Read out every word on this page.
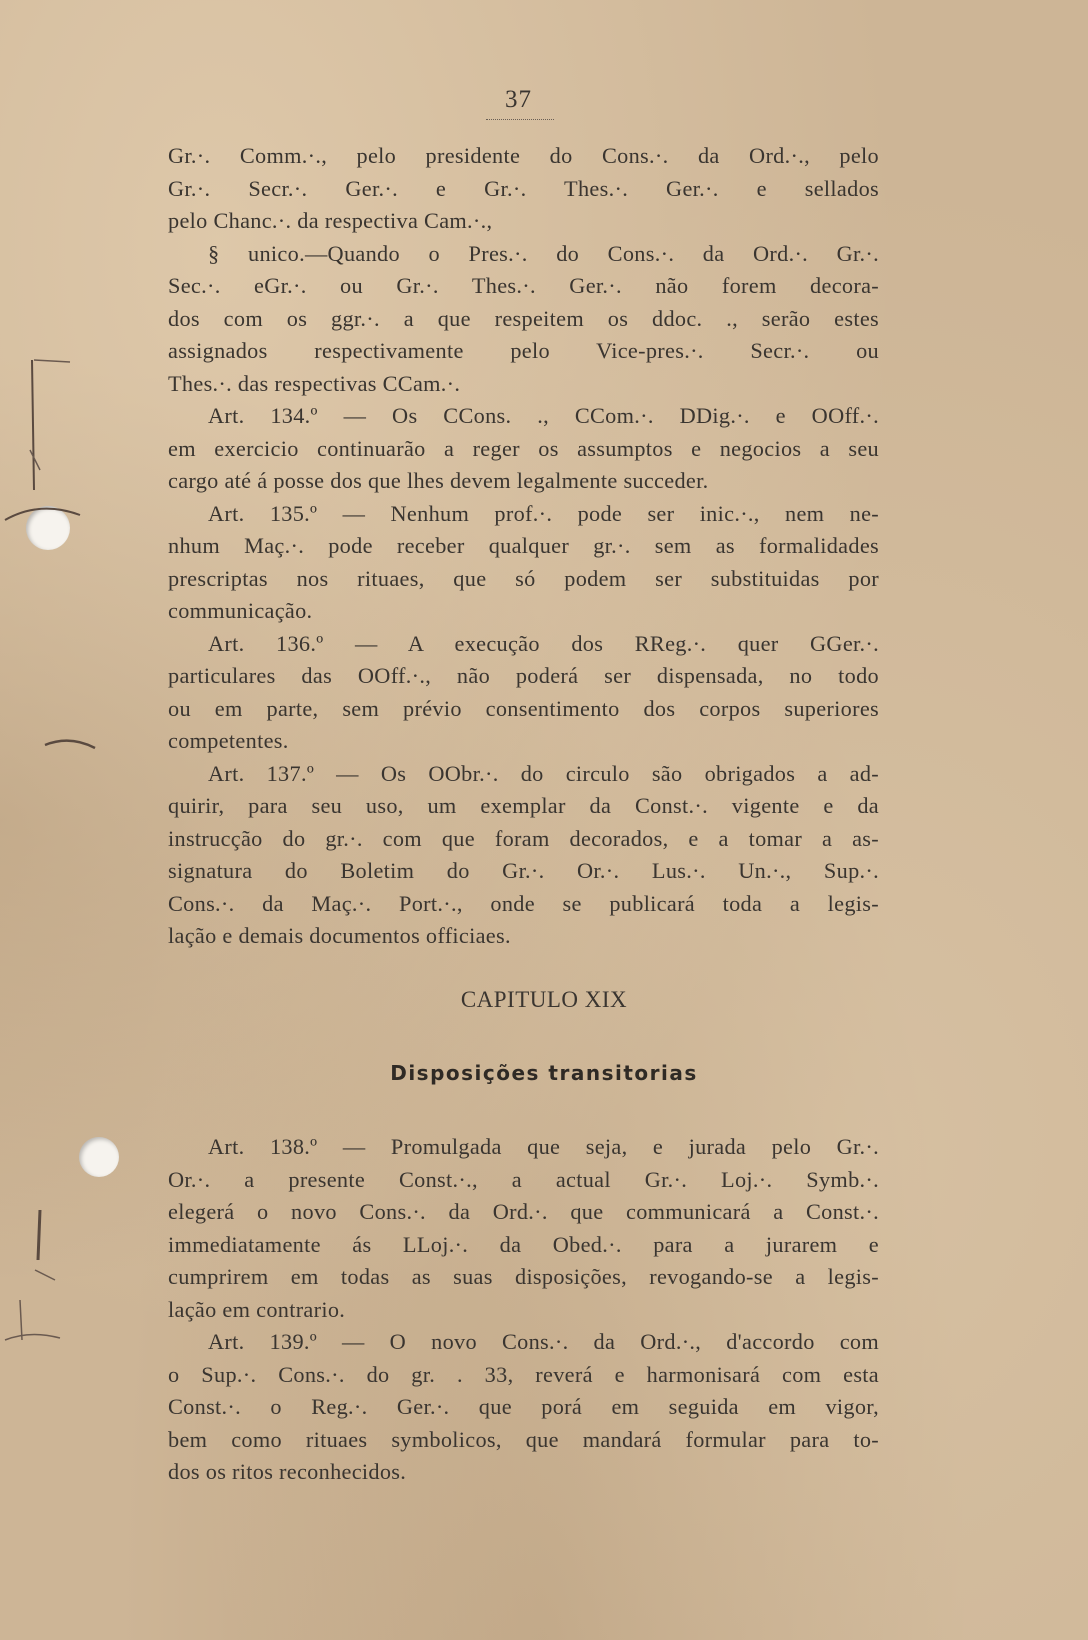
37
Gr.·. Comm.·., pelo presidente do Cons.·. da Ord.·., pelo
Gr.·. Secr.·. Ger.·. e Gr.·. Thes.·. Ger.·. e sellados
pelo Chanc.·. da respectiva Cam.·.,
§ unico.—Quando o Pres.·. do Cons.·. da Ord.·. Gr.·.
Sec.·. eGr.·. ou Gr.·. Thes.·. Ger.·. não forem decora-
dos com os ggr.·. a que respeitem os ddoc. ., serão estes
assignados respectivamente pelo Vice-pres.·. Secr.·. ou
Thes.·. das respectivas CCam.·.
Art. 134.º — Os CCons. ., CCom.·. DDig.·. e OOff.·.
em exercicio continuarão a reger os assumptos e negocios a seu
cargo até á posse dos que lhes devem legalmente succeder.
Art. 135.º — Nenhum prof.·. pode ser inic.·., nem ne-
nhum Maç.·. pode receber qualquer gr.·. sem as formalidades
prescriptas nos rituaes, que só podem ser substituidas por
communicação.
Art. 136.º — A execução dos RReg.·. quer GGer.·.
particulares das OOff.·., não poderá ser dispensada, no todo
ou em parte, sem prévio consentimento dos corpos superiores
competentes.
Art. 137.º — Os OObr.·. do circulo são obrigados a ad-
quirir, para seu uso, um exemplar da Const.·. vigente e da
instrucção do gr.·. com que foram decorados, e a tomar a as-
signatura do Boletim do Gr.·. Or.·. Lus.·. Un.·., Sup.·.
Cons.·. da Maç.·. Port.·., onde se publicará toda a legis-
lação e demais documentos officiaes.
CAPITULO XIX
Disposições transitorias
Art. 138.º — Promulgada que seja, e jurada pelo Gr.·.
Or.·. a presente Const.·., a actual Gr.·. Loj.·. Symb.·.
elegerá o novo Cons.·. da Ord.·. que communicará a Const.·.
immediatamente ás LLoj.·. da Obed.·. para a jurarem e
cumprirem em todas as suas disposições, revogando-se a legis-
lação em contrario.
Art. 139.º — O novo Cons.·. da Ord.·., d'accordo com
o Sup.·. Cons.·. do gr. . 33, reverá e harmonisará com esta
Const.·. o Reg.·. Ger.·. que porá em seguida em vigor,
bem como rituaes symbolicos, que mandará formular para to-
dos os ritos reconhecidos.
